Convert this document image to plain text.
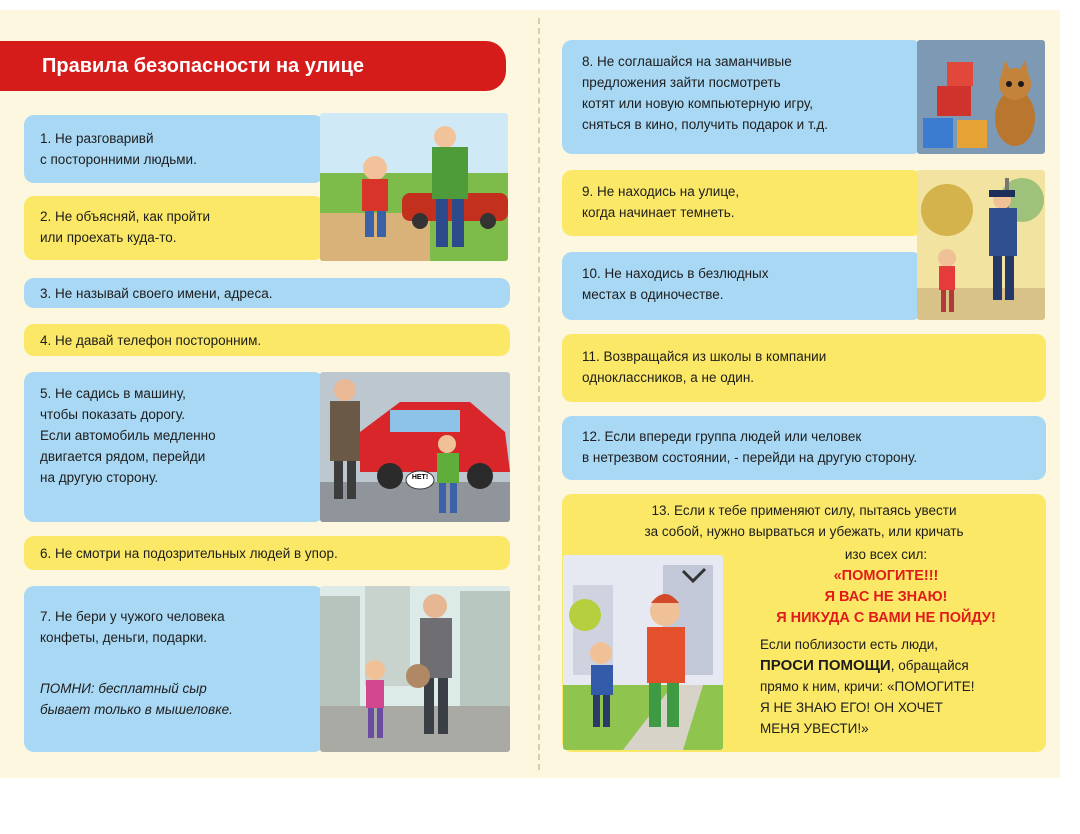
Правила безопасности на улице
1. Не разговаривй
с посторонними людьми.
2. Не объясняй, как пройти
или проехать куда-то.
3. Не называй своего имени, адреса.
4. Не давай телефон посторонним.
5. Не садись в машину,
чтобы показать дорогу.
Если автомобиль медленно
двигается рядом, перейди
на другую сторону.	НЕТ!
6. Не смотри на подозрительных людей в упор.
7. Не бери у чужого человека
конфеты, деньги, подарки.
ПОМНИ: бесплатный сыр
бывает только в мышеловке.
8. Не соглашайся на заманчивые
предложения зайти посмотреть
котят или новую компьютерную игру,
сняться в кино, получить подарок и т.д.
9. Не находись на улице,
когда начинает темнеть.
10. Не находись в безлюдных
местах в одиночестве.
11. Возвращайся из школы в компании
одноклассников, а не один.
12. Если впереди группа людей или человек
в нетрезвом состоянии, - перейди на другую сторону.
13. Если к тебе применяют силу, пытаясь увести
за собой, нужно вырваться и убежать, или кричать
изо всех сил:
«ПОМОГИТЕ!!!
Я ВАС НЕ ЗНАЮ!
Я НИКУДА С ВАМИ НЕ ПОЙДУ!
Если поблизости есть люди,
ПРОСИ ПОМОЩИ, обращайся
прямо к ним, кричи: «ПОМОГИТЕ!
Я НЕ ЗНАЮ ЕГО! ОН ХОЧЕТ
МЕНЯ УВЕСТИ!»
